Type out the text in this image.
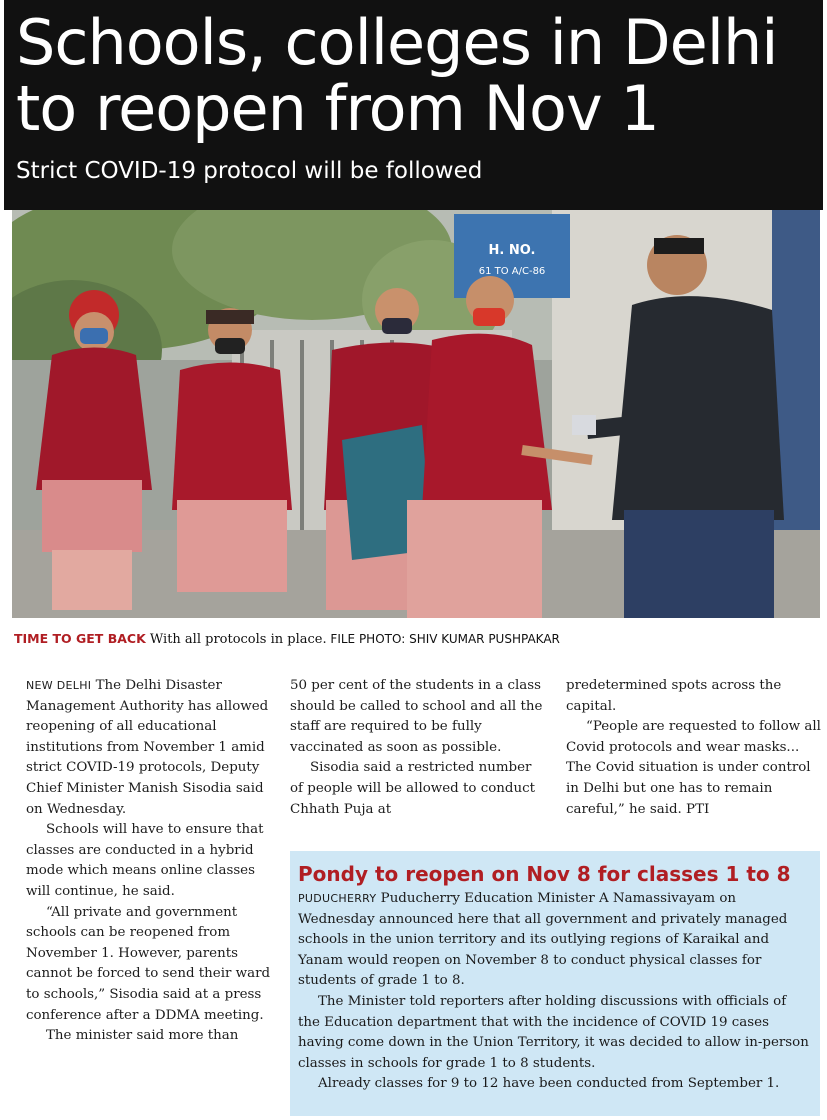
Schools, colleges in Delhi to reopen from Nov 1
Strict COVID-19 protocol will be followed
H. NO.
61 TO A/C-86
TIME TO GET BACK With all protocols in place. FILE PHOTO: SHIV KUMAR PUSHPAKAR

NEW DELHI The Delhi Disaster Management Authority has allowed reopening of all educational institutions from November 1 amid strict COVID-19 protocols, Deputy Chief Minister Manish Sisodia said on Wednesday.

Schools will have to ensure that classes are conducted in a hybrid mode which means online classes will continue, he said.

“All private and government schools can be reopened from November 1. However, parents cannot be forced to send their ward to schools,” Sisodia said at a press conference after a DDMA meeting.

The minister said more than

50 per cent of the students in a class should be called to school and all the staff are required to be fully vaccinated as soon as possible.

Sisodia said a restricted number of people will be allowed to conduct Chhath Puja at

predetermined spots across the capital.

“People are requested to follow all Covid protocols and wear masks... The Covid situation is under control in Delhi but one has to remain careful,” he said. PTI

Pondy to reopen on Nov 8 for classes 1 to 8

PUDUCHERRY Puducherry Education Minister A Namassivayam on Wednesday announced here that all government and privately managed schools in the union territory and its outlying regions of Karaikal and Yanam would reopen on November 8 to conduct physical classes for students of grade 1 to 8.

The Minister told reporters after holding discussions with officials of the Education department that with the incidence of COVID 19 cases having come down in the Union Territory, it was decided to allow in-person classes in schools for grade 1 to 8 students.

Already classes for 9 to 12 have been conducted from September 1.
